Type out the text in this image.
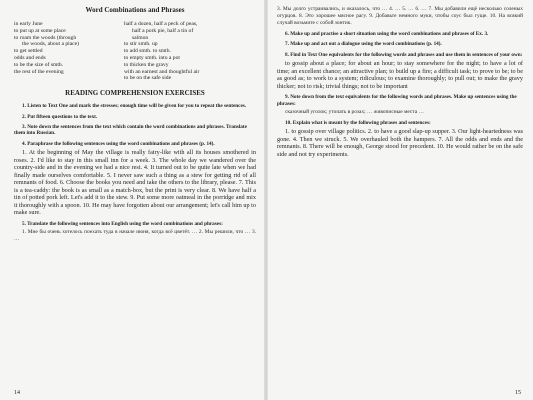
Word Combinations and Phrases
in early June
to put up at some place
to roam the woods (through
the woods, about a place)
to get settled
odds and ends
to be the size of smth.
the rest of the evening
half a dozen, half a peck of peas,
half a pork pie, half a tin of
salmon
to stir smth. up
to add smth. to smth.
to empty smth. into a pot
to thicken the gravy
with an earnest and thoughtful air
to be on the safe side
READING COMPREHENSION EXERCISES

1. Listen to Text One and mark the stresses; enough time will be given for you to repeat the sentences.

2. Put fifteen questions to the text.

3. Note down the sentences from the text which contain the word combinations and phrases. Translate them into Russian.

4. Paraphrase the following sentences using the word combinations and phrases (p. 14).

1. At the beginning of May the village is really fairy-like with all its houses smothered in roses. 2. I'd like to stay in this small inn for a week. 3. The whole day we wandered over the country-side and in the evening we had a nice rest. 4. It turned out to be quite late when we had finally made ourselves comfortable. 5. I never saw such a thing as a stew for getting rid of all remnants of food. 6. Choose the books you need and take the others to the library, please. 7. This is a tea-caddy: the book is as small as a match-box, but the print is very clear. 8. We have half a tin of potted pork left. Let's add it to the stew. 9. Put some more oatmeal in the porridge and mix it thoroughly with a spoon. 10. He may have forgotten about our arrangement; let's call him up to make sure.

5. Translate the following sentences into English using the word combinations and phrases:

1. Мне бы очень хотелось поехать туда в начале июня, когда всё цветёт. … 2. Мы решили, что … 3. …

14

3. Мы долго устраивались, и оказалось, что … 4. … 5. … 6. … 7. Мы добавили ещё несколько соленых огурцов. 8. Это хорошее мясное рагу. 9. Добавьте немного муки, чтобы соус был гуще. 10. На всякий случай возьмите с собой зонтик.

6. Make up and practise a short situation using the word combinations and phrases of Ex. 3.

7. Make up and act out a dialogue using the word combinations (p. 14).

8. Find in Text One equivalents for the following words and phrases and use them in sentences of your own:

to gossip about a place; for about an hour; to stay somewhere for the night; to have a lot of time; an excellent chance; an attractive plan; to build up a fire; a difficult task; to prove to be; to be as good as; to work to a system; ridiculous; to examine thoroughly; to pull out; to make the gravy thicker; not to risk; trivial things; not to be important

9. Note down from the text equivalents for the following words and phrases. Make up sentences using the phrases:

сказочный уголок; утопать в розах; … живописные места …

10. Explain what is meant by the following phrases and sentences:

1. to gossip over village politics. 2. to have a good slap-up supper. 3. Our light-heartedness was gone. 4. Then we struck. 5. We overhauled both the hampers. 7. All the odds and ends and the remnants. 8. There will be enough, George stood for precedent. 10. He would rather be on the safe side and not try experiments.

15
